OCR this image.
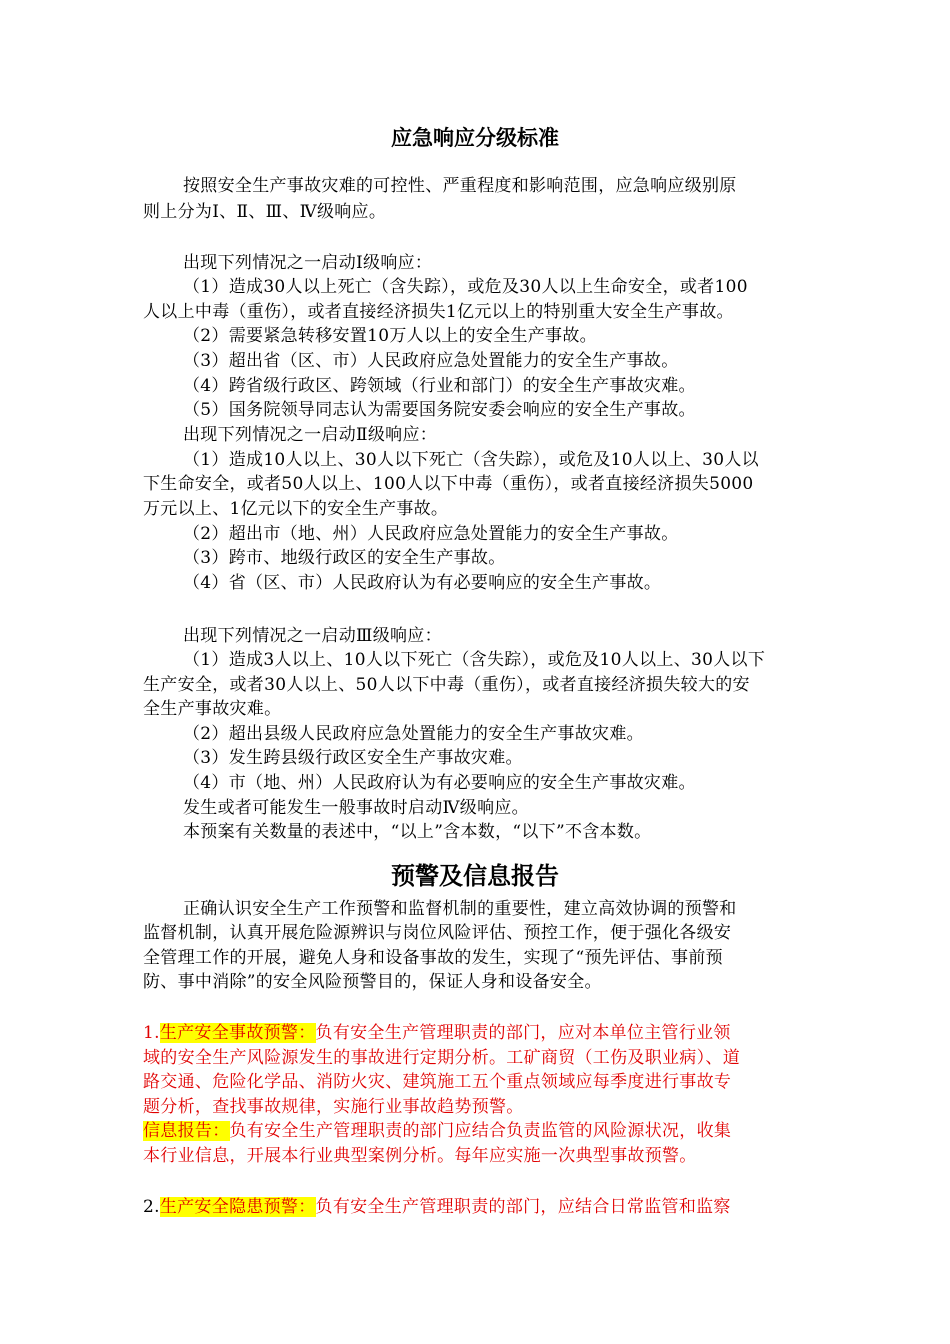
应急响应分级标准
按照安全生产事故灾难的可控性、严重程度和影响范围，应急响应级别原
则上分为Ⅰ、Ⅱ、Ⅲ、Ⅳ级响应。
出现下列情况之一启动Ⅰ级响应：
（1）造成30人以上死亡（含失踪），或危及30人以上生命安全，或者100
人以上中毒（重伤），或者直接经济损失1亿元以上的特别重大安全生产事故。
（2）需要紧急转移安置10万人以上的安全生产事故。
（3）超出省（区、市）人民政府应急处置能力的安全生产事故。
（4）跨省级行政区、跨领域（行业和部门）的安全生产事故灾难。
（5）国务院领导同志认为需要国务院安委会响应的安全生产事故。
出现下列情况之一启动Ⅱ级响应：
（1）造成10人以上、30人以下死亡（含失踪），或危及10人以上、30人以
下生命安全，或者50人以上、100人以下中毒（重伤），或者直接经济损失5000
万元以上、1亿元以下的安全生产事故。
（2）超出市（地、州）人民政府应急处置能力的安全生产事故。
（3）跨市、地级行政区的安全生产事故。
（4）省（区、市）人民政府认为有必要响应的安全生产事故。
出现下列情况之一启动Ⅲ级响应：
（1）造成3人以上、10人以下死亡（含失踪），或危及10人以上、30人以下
生产安全，或者30人以上、50人以下中毒（重伤），或者直接经济损失较大的安
全生产事故灾难。
（2）超出县级人民政府应急处置能力的安全生产事故灾难。
（3）发生跨县级行政区安全生产事故灾难。
（4）市（地、州）人民政府认为有必要响应的安全生产事故灾难。
发生或者可能发生一般事故时启动Ⅳ级响应。
本预案有关数量的表述中，“以上”含本数，“以下”不含本数。
预警及信息报告
正确认识安全生产工作预警和监督机制的重要性，建立高效协调的预警和
监督机制，认真开展危险源辨识与岗位风险评估、预控工作，便于强化各级安
全管理工作的开展，避免人身和设备事故的发生，实现了“预先评估、事前预
防、事中消除”的安全风险预警目的，保证人身和设备安全。
1.生产安全事故预警：负有安全生产管理职责的部门，应对本单位主管行业领
域的安全生产风险源发生的事故进行定期分析。工矿商贸（工伤及职业病）、道
路交通、危险化学品、消防火灾、建筑施工五个重点领域应每季度进行事故专
题分析，查找事故规律，实施行业事故趋势预警。
信息报告：负有安全生产管理职责的部门应结合负责监管的风险源状况，收集
本行业信息，开展本行业典型案例分析。每年应实施一次典型事故预警。
2.生产安全隐患预警：负有安全生产管理职责的部门，应结合日常监管和监察
